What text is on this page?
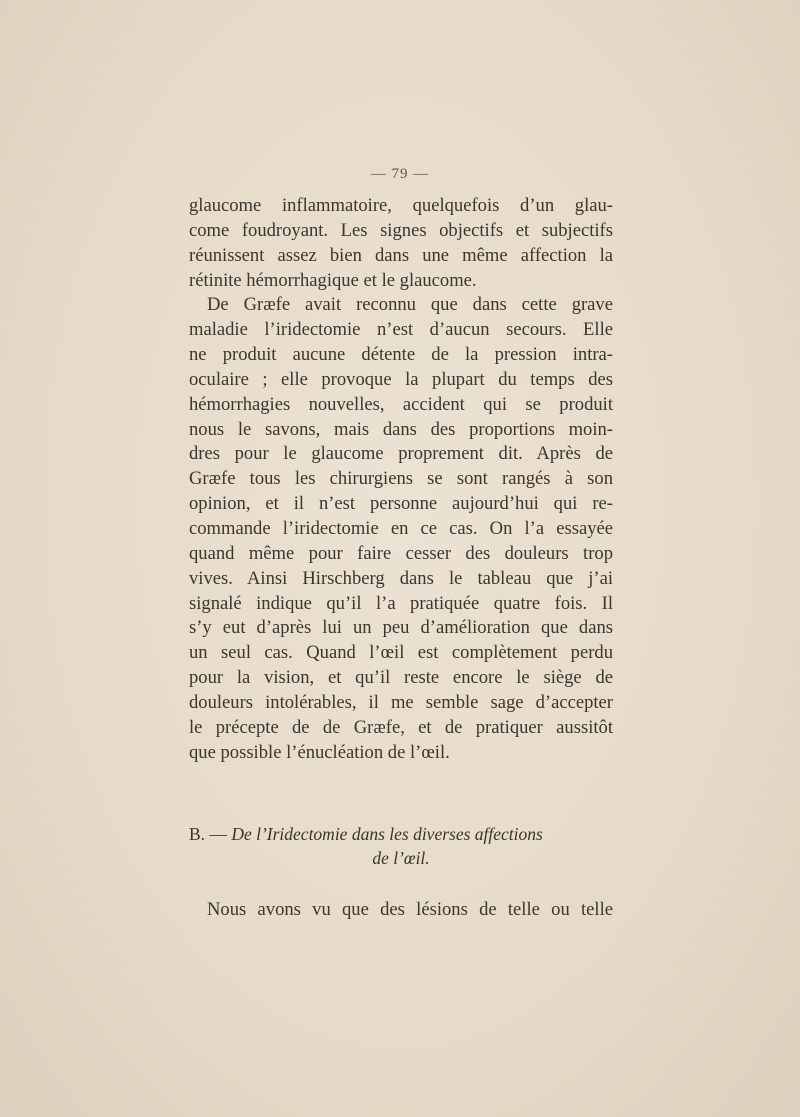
— 79 —
glaucome inflammatoire, quelquefois d’un glau-
come foudroyant. Les signes objectifs et subjectifs
réunissent assez bien dans une même affection la
rétinite hémorrhagique et le glaucome.
De Græfe avait reconnu que dans cette grave
maladie l’iridectomie n’est d’aucun secours. Elle
ne produit aucune détente de la pression intra-
oculaire ; elle provoque la plupart du temps des
hémorrhagies nouvelles, accident qui se produit
nous le savons, mais dans des proportions moin-
dres pour le glaucome proprement dit. Après de
Græfe tous les chirurgiens se sont rangés à son
opinion, et il n’est personne aujourd’hui qui re-
commande l’iridectomie en ce cas. On l’a essayée
quand même pour faire cesser des douleurs trop
vives. Ainsi Hirschberg dans le tableau que j’ai
signalé indique qu’il l’a pratiquée quatre fois. Il
s’y eut d’après lui un peu d’amélioration que dans
un seul cas. Quand l’œil est complètement perdu
pour la vision, et qu’il reste encore le siège de
douleurs intolérables, il me semble sage d’accepter
le précepte de de Græfe, et de pratiquer aussitôt
que possible l’énucléation de l’œil.
B. — De l’Iridectomie dans les diverses affections
de l’œil.
Nous avons vu que des lésions de telle ou telle
